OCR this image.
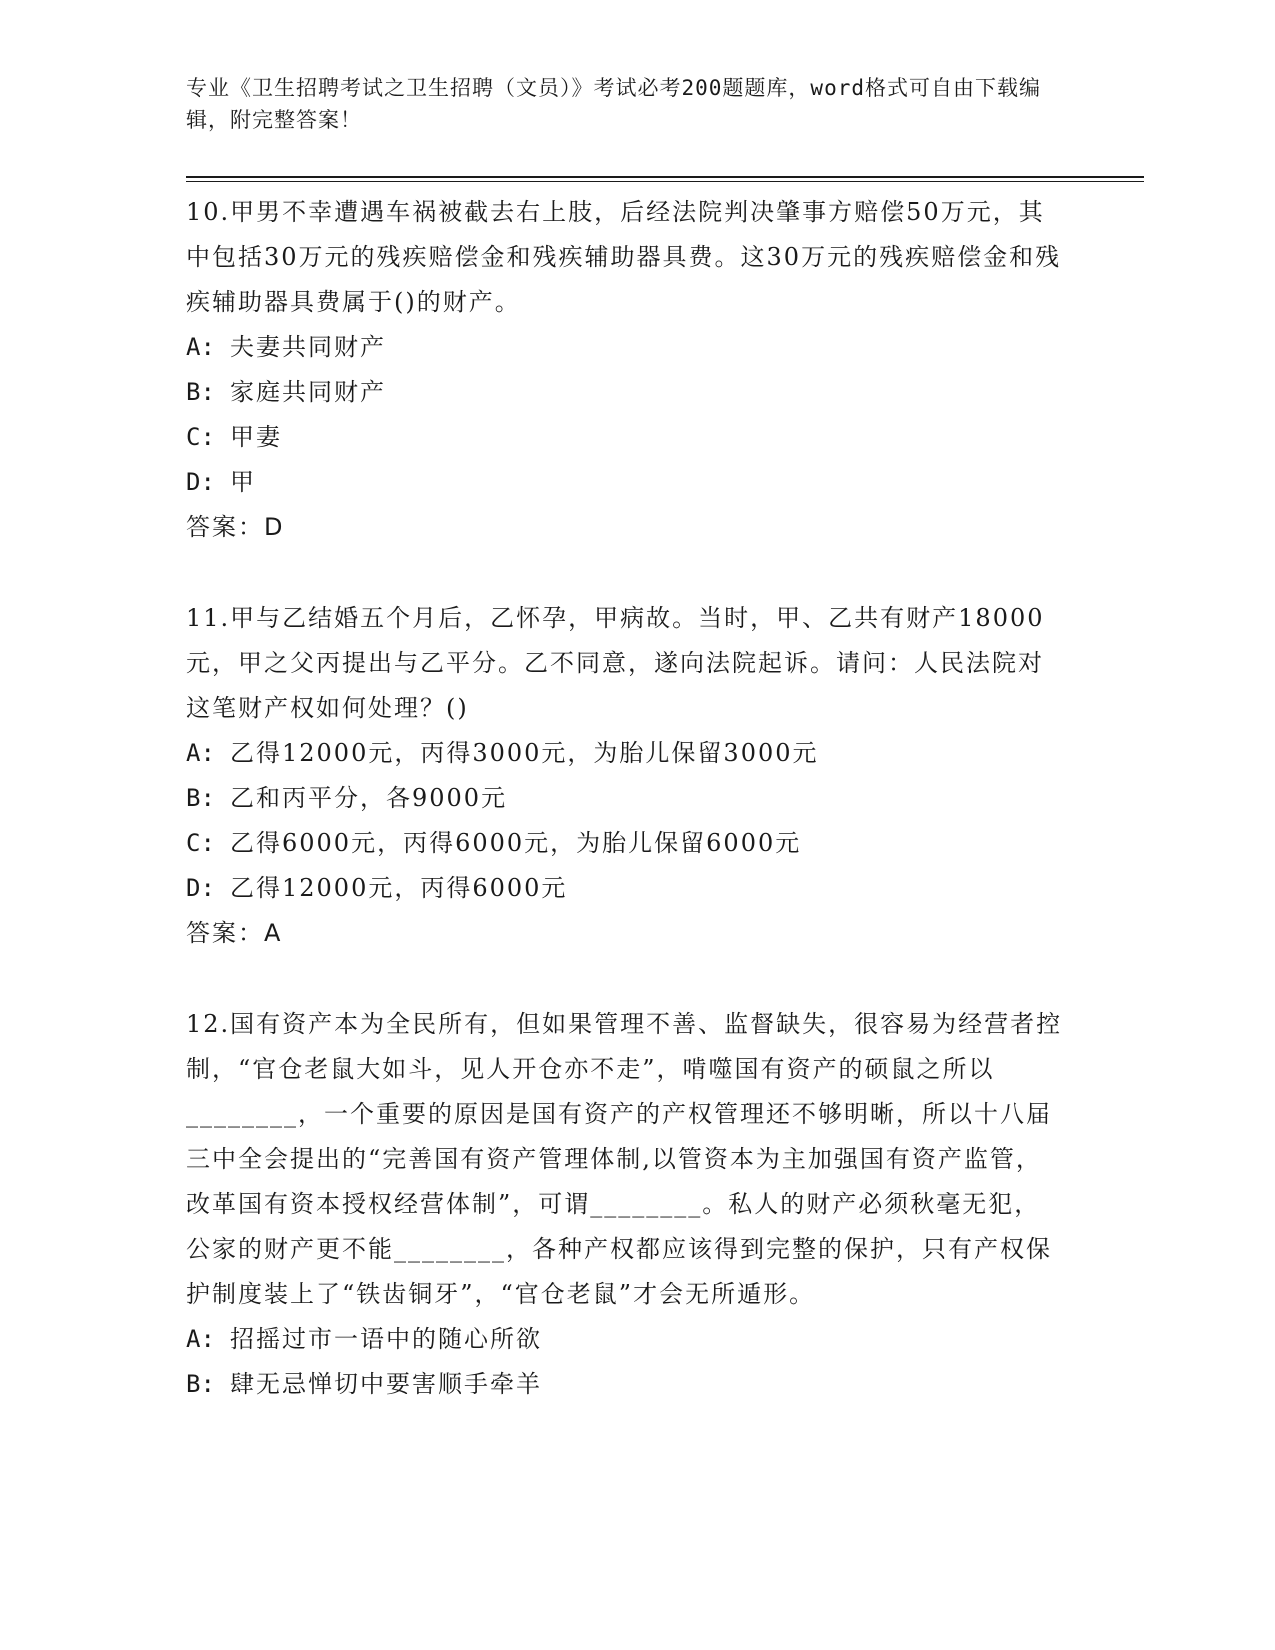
专业《卫生招聘考试之卫生招聘（文员）》考试必考200题题库，word格式可自由下载编辑，附完整答案！

10.甲男不幸遭遇车祸被截去右上肢，后经法院判决肇事方赔偿50万元，其中包括30万元的残疾赔偿金和残疾辅助器具费。这30万元的残疾赔偿金和残疾辅助器具费属于()的财产。

A: 夫妻共同财产

B: 家庭共同财产

C: 甲妻

D: 甲

答案：D

11.甲与乙结婚五个月后，乙怀孕，甲病故。当时，甲、乙共有财产18000元，甲之父丙提出与乙平分。乙不同意，遂向法院起诉。请问：人民法院对这笔财产权如何处理？()

A: 乙得12000元，丙得3000元，为胎儿保留3000元

B: 乙和丙平分，各9000元

C: 乙得6000元，丙得6000元，为胎儿保留6000元

D: 乙得12000元，丙得6000元

答案：A

12.国有资产本为全民所有，但如果管理不善、监督缺失，很容易为经营者控制，“官仓老鼠大如斗，见人开仓亦不走”，啃噬国有资产的硕鼠之所以________，一个重要的原因是国有资产的产权管理还不够明晰，所以十八届三中全会提出的“完善国有资产管理体制,以管资本为主加强国有资产监管，改革国有资本授权经营体制”，可谓________。私人的财产必须秋毫无犯，公家的财产更不能________，各种产权都应该得到完整的保护，只有产权保护制度装上了“铁齿铜牙”，“官仓老鼠”才会无所遁形。

A: 招摇过市一语中的随心所欲

B: 肆无忌惮切中要害顺手牵羊
